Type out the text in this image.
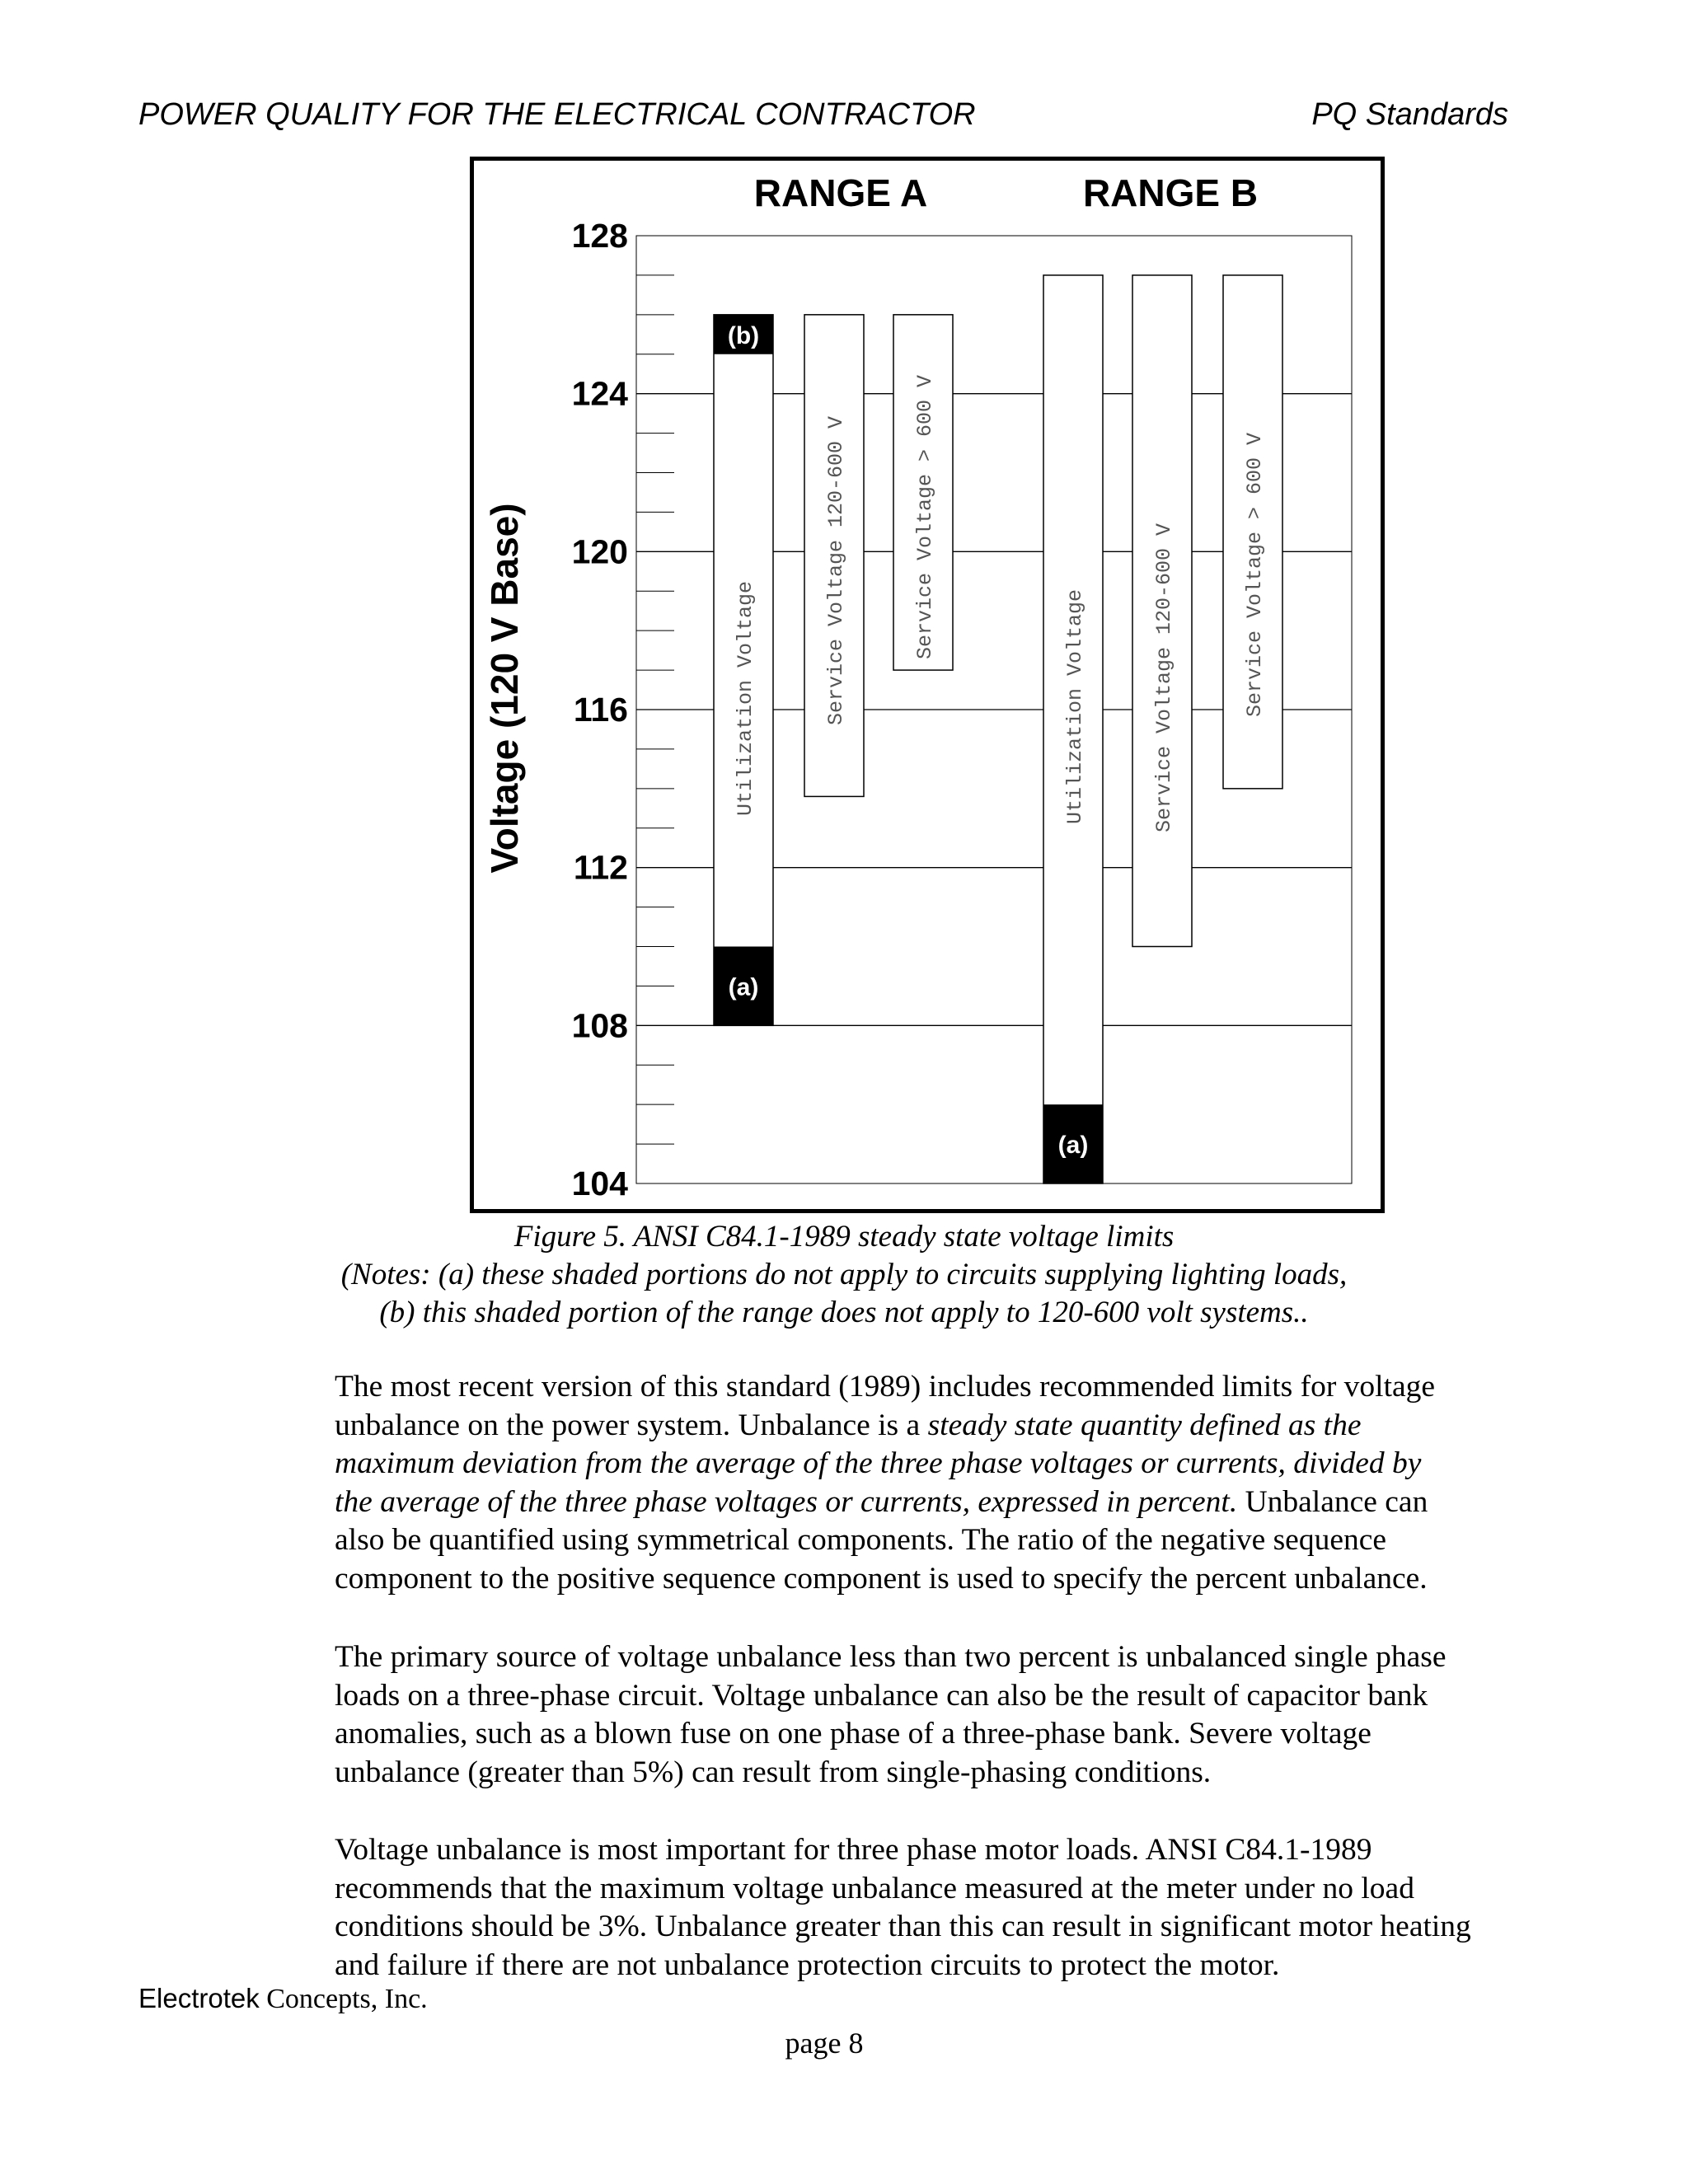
POWER QUALITY FOR THE ELECTRICAL CONTRACTOR	PQ Standards
104
108
112
116
120
124
128
Voltage (120 V Base)
RANGE A	RANGE B
(a)
(b)
Utilization Voltage	Service Voltage 120-600 V	Service Voltage > 600 V
(a)
Utilization Voltage	Service Voltage 120-600 V	Service Voltage > 600 V
Figure 5. ANSI C84.1-1989 steady state voltage limits
(Notes: (a) these shaded portions do not apply to circuits supplying lighting loads,
(b) this shaded portion of the range does not apply to 120-600 volt systems..
The most recent version of this standard (1989) includes recommended limits for voltage
unbalance on the power system. Unbalance is a steady state quantity defined as the
maximum deviation from the average of the three phase voltages or currents, divided by
the average of the three phase voltages or currents, expressed in percent. Unbalance can
also be quantified using symmetrical components. The ratio of the negative sequence
component to the positive sequence component is used to specify the percent unbalance.
The primary source of voltage unbalance less than two percent is unbalanced single phase
loads on a three-phase circuit. Voltage unbalance can also be the result of capacitor bank
anomalies, such as a blown fuse on one phase of a three-phase bank. Severe voltage
unbalance (greater than 5%) can result from single-phasing conditions.
Voltage unbalance is most important for three phase motor loads. ANSI C84.1-1989
recommends that the maximum voltage unbalance measured at the meter under no load
conditions should be 3%. Unbalance greater than this can result in significant motor heating
and failure if there are not unbalance protection circuits to protect the motor.
Electrotek Concepts, Inc.
page 8
